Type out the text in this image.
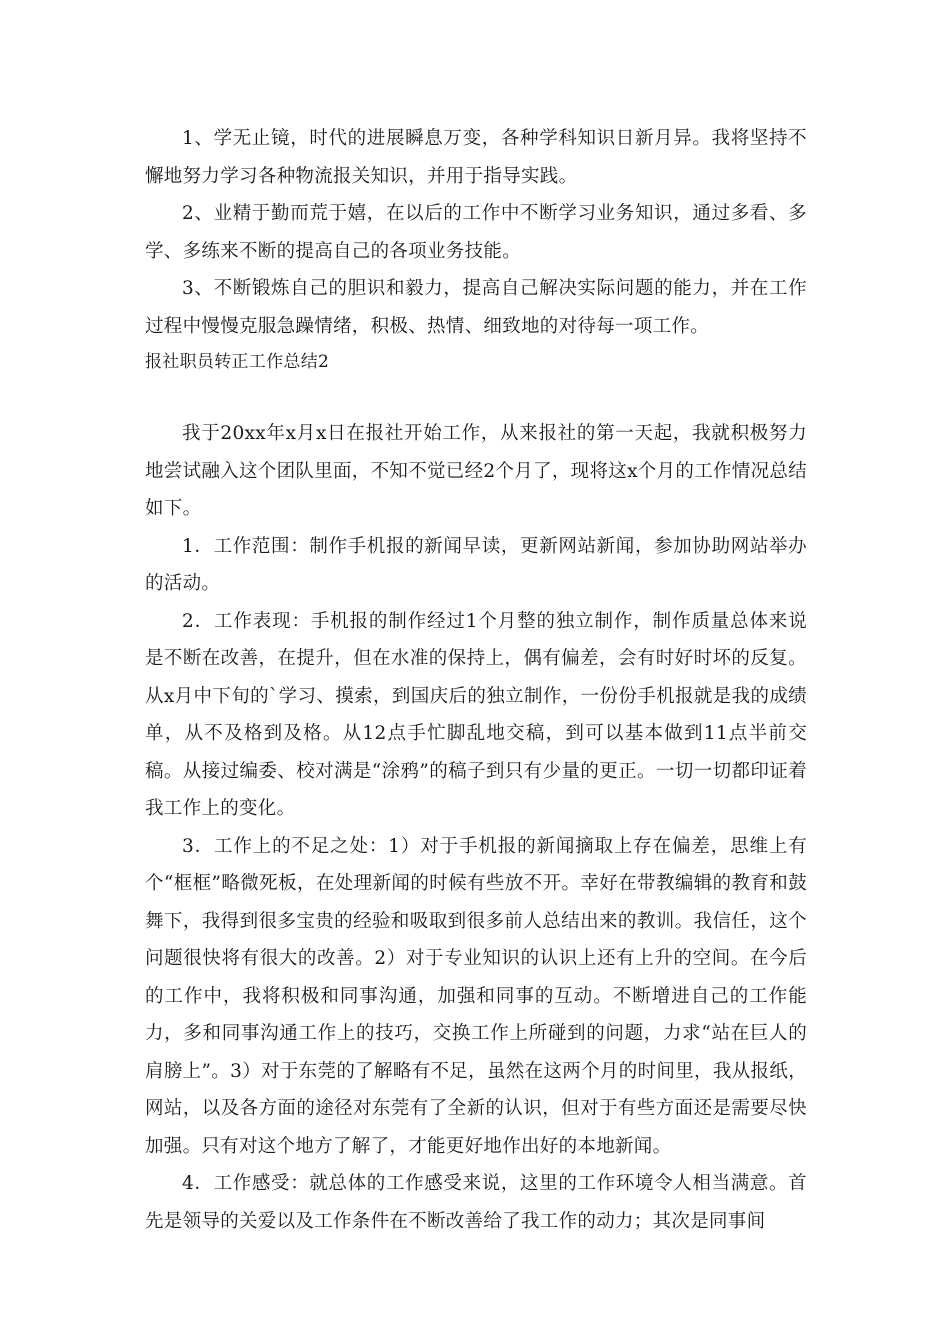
1、学无止镜，时代的进展瞬息万变，各种学科知识日新月异。我将坚持不懈地努力学习各种物流报关知识，并用于指导实践。

2、业精于勤而荒于嬉，在以后的工作中不断学习业务知识，通过多看、多学、多练来不断的提高自己的各项业务技能。

3、不断锻炼自己的胆识和毅力，提高自己解决实际问题的能力，并在工作过程中慢慢克服急躁情绪，积极、热情、细致地的对待每一项工作。

报社职员转正工作总结2

我于20xx年x月x日在报社开始工作，从来报社的第一天起，我就积极努力地尝试融入这个团队里面，不知不觉已经2个月了，现将这x个月的工作情况总结如下。

1．工作范围：制作手机报的新闻早读，更新网站新闻，参加协助网站举办的活动。

2．工作表现：手机报的制作经过1个月整的独立制作，制作质量总体来说是不断在改善，在提升，但在水准的保持上，偶有偏差，会有时好时坏的反复。从x月中下旬的`学习、摸索，到国庆后的独立制作，一份份手机报就是我的成绩单，从不及格到及格。从12点手忙脚乱地交稿，到可以基本做到11点半前交稿。从接过编委、校对满是“涂鸦”的稿子到只有少量的更正。一切一切都印证着我工作上的变化。

3．工作上的不足之处：1）对于手机报的新闻摘取上存在偏差，思维上有个“框框”略微死板，在处理新闻的时候有些放不开。幸好在带教编辑的教育和鼓舞下，我得到很多宝贵的经验和吸取到很多前人总结出来的教训。我信任，这个问题很快将有很大的改善。2）对于专业知识的认识上还有上升的空间。在今后的工作中，我将积极和同事沟通，加强和同事的互动。不断增进自己的工作能力，多和同事沟通工作上的技巧，交换工作上所碰到的问题，力求“站在巨人的肩膀上”。3）对于东莞的了解略有不足，虽然在这两个月的时间里，我从报纸，网站，以及各方面的途径对东莞有了全新的认识，但对于有些方面还是需要尽快加强。只有对这个地方了解了，才能更好地作出好的本地新闻。

4．工作感受：就总体的工作感受来说，这里的工作环境令人相当满意。首先是领导的关爱以及工作条件在不断改善给了我工作的动力；其次是同事间
